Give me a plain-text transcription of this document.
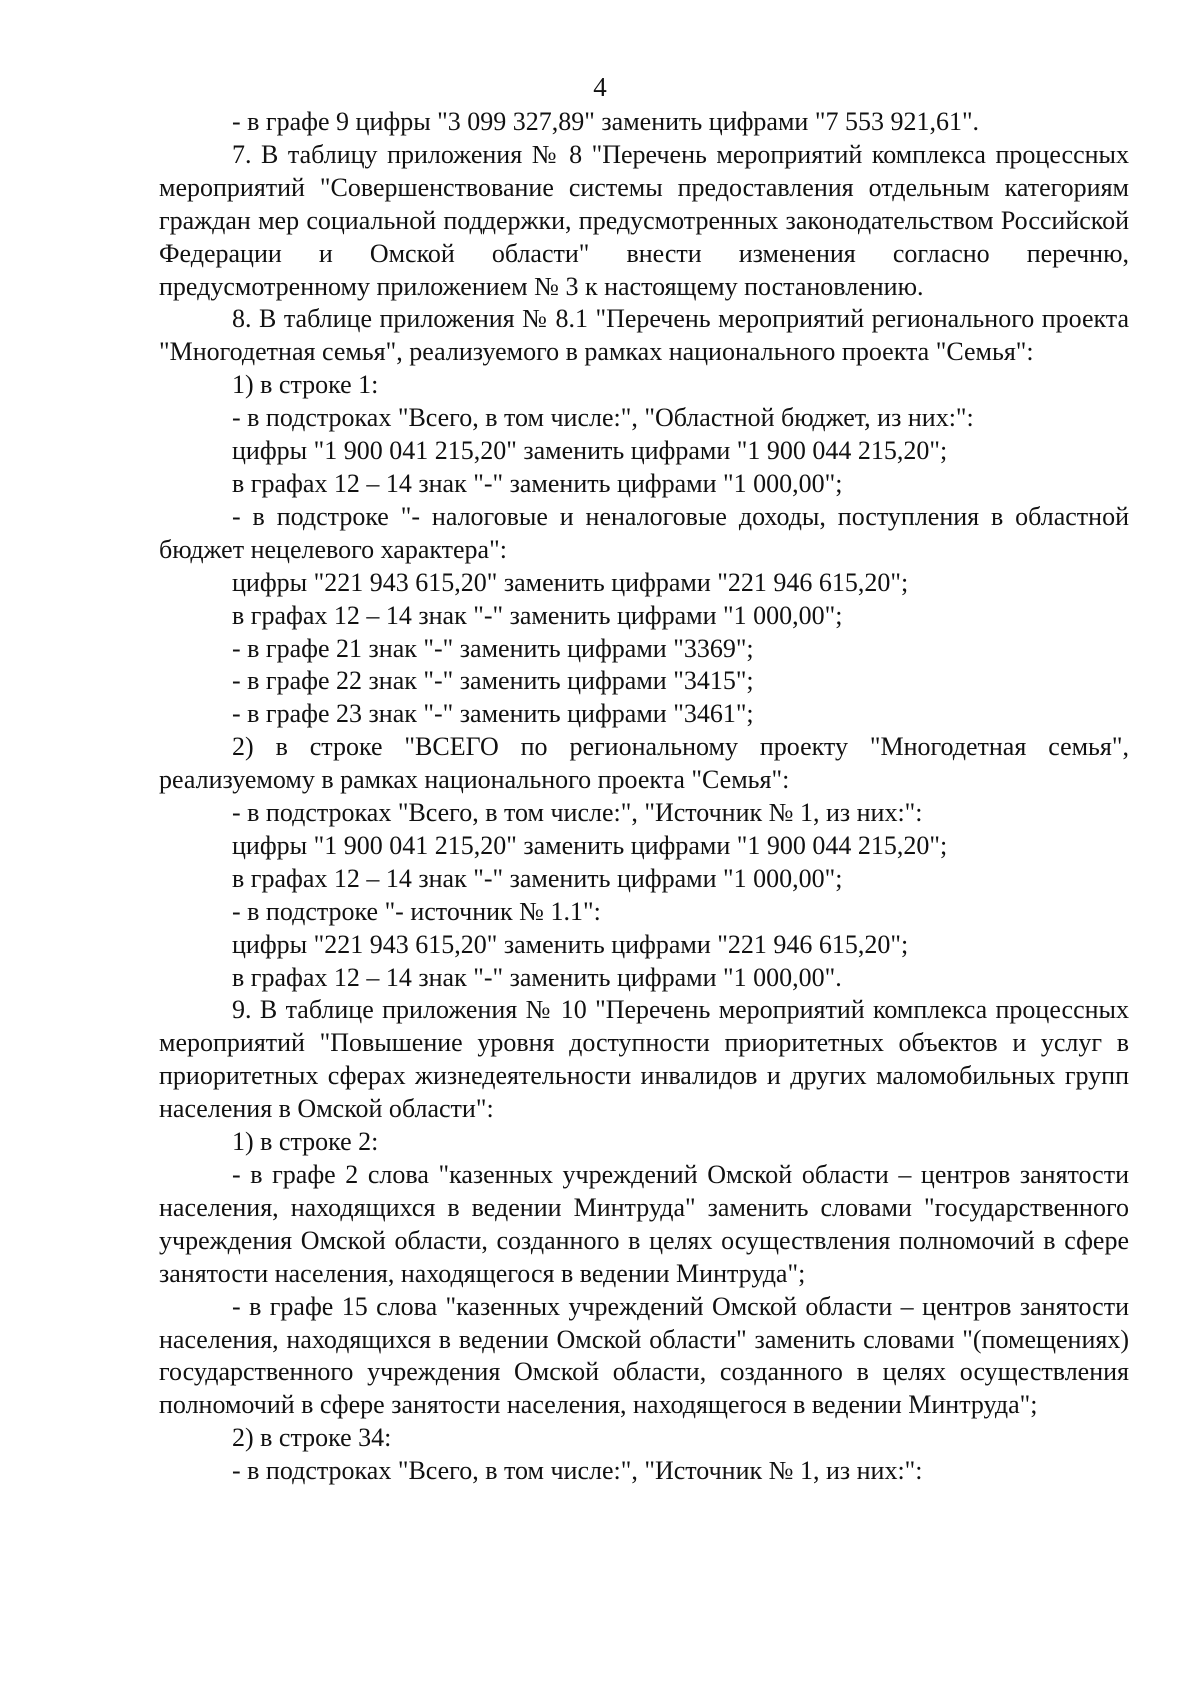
4

- в графе 9 цифры "3 099 327,89" заменить цифрами "7 553 921,61".

7. В таблицу приложения № 8 "Перечень мероприятий комплекса процессных мероприятий "Совершенствование системы предоставления отдельным категориям граждан мер социальной поддержки, предусмотренных законодательством Российской Федерации и Омской области" внести изменения согласно перечню, предусмотренному приложением № 3 к настоящему постановлению.

8. В таблице приложения № 8.1 "Перечень мероприятий регионального проекта "Многодетная семья", реализуемого в рамках национального проекта "Семья":

1) в строке 1:

- в подстроках "Всего, в том числе:", "Областной бюджет, из них:":

цифры "1 900 041 215,20" заменить цифрами "1 900 044 215,20";

в графах 12 – 14 знак "-" заменить цифрами "1 000,00";

- в подстроке "- налоговые и неналоговые доходы, поступления в областной бюджет нецелевого характера":

цифры "221 943 615,20" заменить цифрами "221 946 615,20";

в графах 12 – 14 знак "-" заменить цифрами "1 000,00";

- в графе 21 знак "-" заменить цифрами "3369";

- в графе 22 знак "-" заменить цифрами "3415";

- в графе 23 знак "-" заменить цифрами "3461";

2) в строке "ВСЕГО по региональному проекту "Многодетная семья", реализуемому в рамках национального проекта "Семья":

- в подстроках "Всего, в том числе:", "Источник № 1, из них:":

цифры "1 900 041 215,20" заменить цифрами "1 900 044 215,20";

в графах 12 – 14 знак "-" заменить цифрами "1 000,00";

- в подстроке "- источник № 1.1":

цифры "221 943 615,20" заменить цифрами "221 946 615,20";

в графах 12 – 14 знак "-" заменить цифрами "1 000,00".

9. В таблице приложения № 10 "Перечень мероприятий комплекса процессных мероприятий "Повышение уровня доступности приоритетных объектов и услуг в приоритетных сферах жизнедеятельности инвалидов и других маломобильных групп населения в Омской области":

1) в строке 2:

- в графе 2 слова "казенных учреждений Омской области – центров занятости населения, находящихся в ведении Минтруда" заменить словами "государственного учреждения Омской области, созданного в целях осуществления полномочий в сфере занятости населения, находящегося в ведении Минтруда";

- в графе 15 слова "казенных учреждений Омской области – центров занятости населения, находящихся в ведении Омской области" заменить словами "(помещениях) государственного учреждения Омской области, созданного в целях осуществления полномочий в сфере занятости населения, находящегося в ведении Минтруда";

2) в строке 34:

- в подстроках "Всего, в том числе:", "Источник № 1, из них:":
